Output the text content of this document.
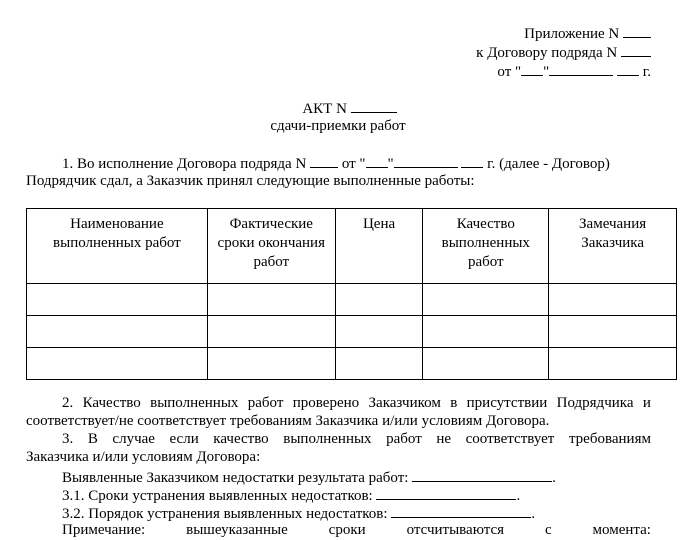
Приложение N
к Договору подряда N
от " "	г.
АКТ N
сдачи-приемки работ
1. Во исполнение Договора подряда N от " "	г. (далее - Договор)
Подрядчик сдал, а Заказчик принял следующие выполненные работы:
Наименование выполненных работ	Фактические сроки окончания работ	Цена	Качество выполненных работ	Замечания Заказчика

2. Качество выполненных работ проверено Заказчиком в присутствии Подрядчика и
соответствует/не соответствует требованиям Заказчика и/или условиям Договора.
3. В случае если качество выполненных работ не соответствует требованиям
Заказчика и/или условиям Договора:
Выявленные Заказчиком недостатки результата работ:	.
3.1. Сроки устранения выявленных недостатков:	.
3.2. Порядок устранения выявленных недостатков:	.
Примечание:	вышеуказанные	сроки	отсчитываются	с	момента:
